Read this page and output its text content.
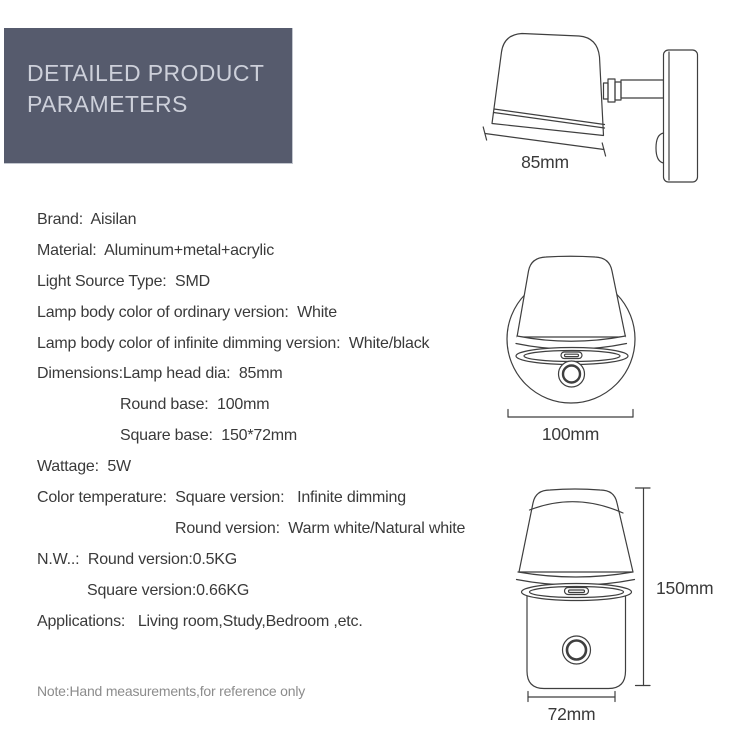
DETAILED PRODUCT
PARAMETERS
Brand:  Aisilan
Material:  Aluminum+metal+acrylic
Light Source Type:  SMD
Lamp body color of ordinary version:  White
Lamp body color of infinite dimming version:  White/black
Dimensions:Lamp head dia:  85mm
Round base:  100mm
Square base:  150*72mm
Wattage:  5W
Color temperature:  Square version:   Infinite dimming
Round version:  Warm white/Natural white
N.W..:  Round version:0.5KG
Square version:0.66KG
Applications:   Living room,Study,Bedroom ,etc.
Note:Hand measurements,for reference only
85mm
100mm
150mm
72mm
